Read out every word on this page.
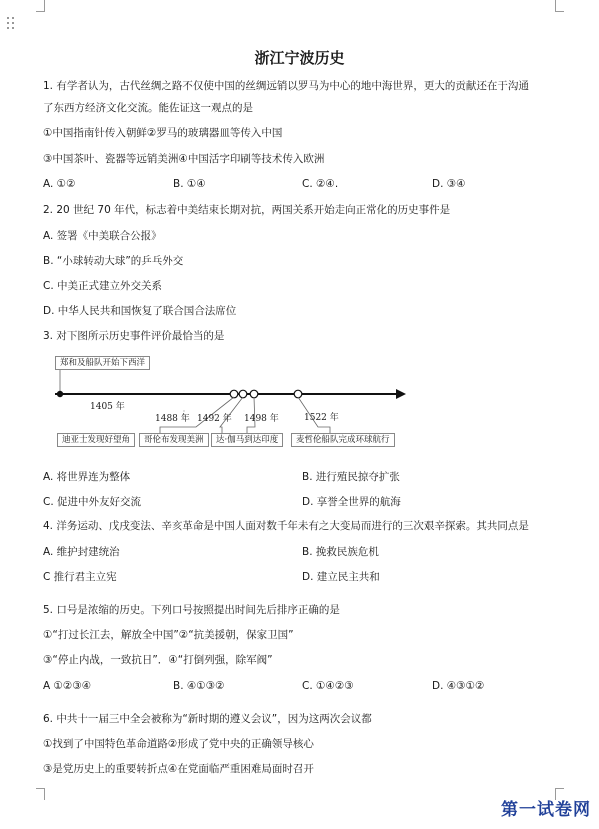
浙江宁波历史
1. 有学者认为，古代丝绸之路不仅使中国的丝绸远销以罗马为中心的地中海世界，更大的贡献还在于沟通
了东西方经济文化交流。能佐证这一观点的是
①中国指南针传入朝鲜②罗马的玻璃器皿等传入中国
③中国茶叶、瓷器等远销美洲④中国活字印刷等技术传入欧洲
A. ①②	B. ①④	C. ②④.	D. ③④
2. 20 世纪 70 年代，标志着中美结束长期对抗，两国关系开始走向正常化的历史事件是
A. 签署《中美联合公报》
B. “小球转动大球”的乒乓外交
C. 中美正式建立外交关系
D. 中华人民共和国恢复了联合国合法席位
3. 对下图所示历史事件评价最恰当的是
郑和及船队开始下西洋
1405 年
1488 年 1492 年 1498 年	1522 年
迪亚士发现好望角	哥伦布发现美洲	达·伽马到达印度	麦哲伦船队完成环球航行
A. 将世界连为整体	B. 进行殖民掠夺扩张
C. 促进中外友好交流	D. 享誉全世界的航海
4. 洋务运动、戊戌变法、辛亥革命是中国人面对数千年未有之大变局而进行的三次艰辛探索。其共同点是
A. 维护封建统治	B. 挽救民族危机
C 推行君主立宪	D. 建立民主共和
5. 口号是浓缩的历史。下列口号按照提出时间先后排序正确的是
①“打过长江去，解放全中国”②“抗美援朝，保家卫国”
③“停止内战，一致抗日”．④“打倒列强，除军阀”
A ①②③④	B. ④①③②	C. ①④②③	D. ④③①②
6. 中共十一届三中全会被称为“新时期的遵义会议”，因为这两次会议都
①找到了中国特色革命道路②形成了党中央的正确领导核心
③是党历史上的重要转折点④在党面临严重困难局面时召开
第一试卷网
